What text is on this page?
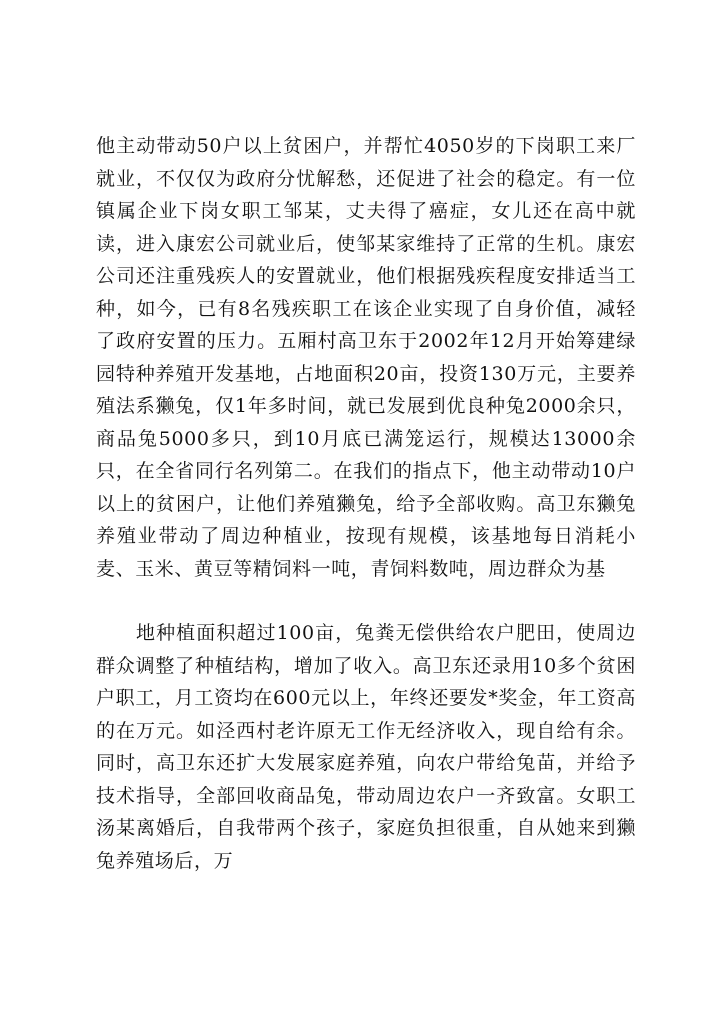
他主动带动50户以上贫困户，并帮忙4050岁的下岗职工来厂就业，不仅仅为政府分忧解愁，还促进了社会的稳定。有一位镇属企业下岗女职工邹某，丈夫得了癌症，女儿还在高中就读，进入康宏公司就业后，使邹某家维持了正常的生机。康宏公司还注重残疾人的安置就业，他们根据残疾程度安排适当工种，如今，已有8名残疾职工在该企业实现了自身价值，减轻了政府安置的压力。五厢村高卫东于2002年12月开始筹建绿园特种养殖开发基地，占地面积20亩，投资130万元，主要养殖法系獭兔，仅1年多时间，就已发展到优良种兔2000余只，商品兔5000多只，到10月底已满笼运行，规模达13000余只，在全省同行名列第二。在我们的指点下，他主动带动10户以上的贫困户，让他们养殖獭兔，给予全部收购。高卫东獭兔养殖业带动了周边种植业，按现有规模，该基地每日消耗小麦、玉米、黄豆等精饲料一吨，青饲料数吨，周边群众为基

地种植面积超过100亩，兔粪无偿供给农户肥田，使周边群众调整了种植结构，增加了收入。高卫东还录用10多个贫困户职工，月工资均在600元以上，年终还要发*奖金，年工资高的在万元。如泾西村老许原无工作无经济收入，现自给有余。同时，高卫东还扩大发展家庭养殖，向农户带给兔苗，并给予技术指导，全部回收商品兔，带动周边农户一齐致富。女职工汤某离婚后，自我带两个孩子，家庭负担很重，自从她来到獭兔养殖场后，万
